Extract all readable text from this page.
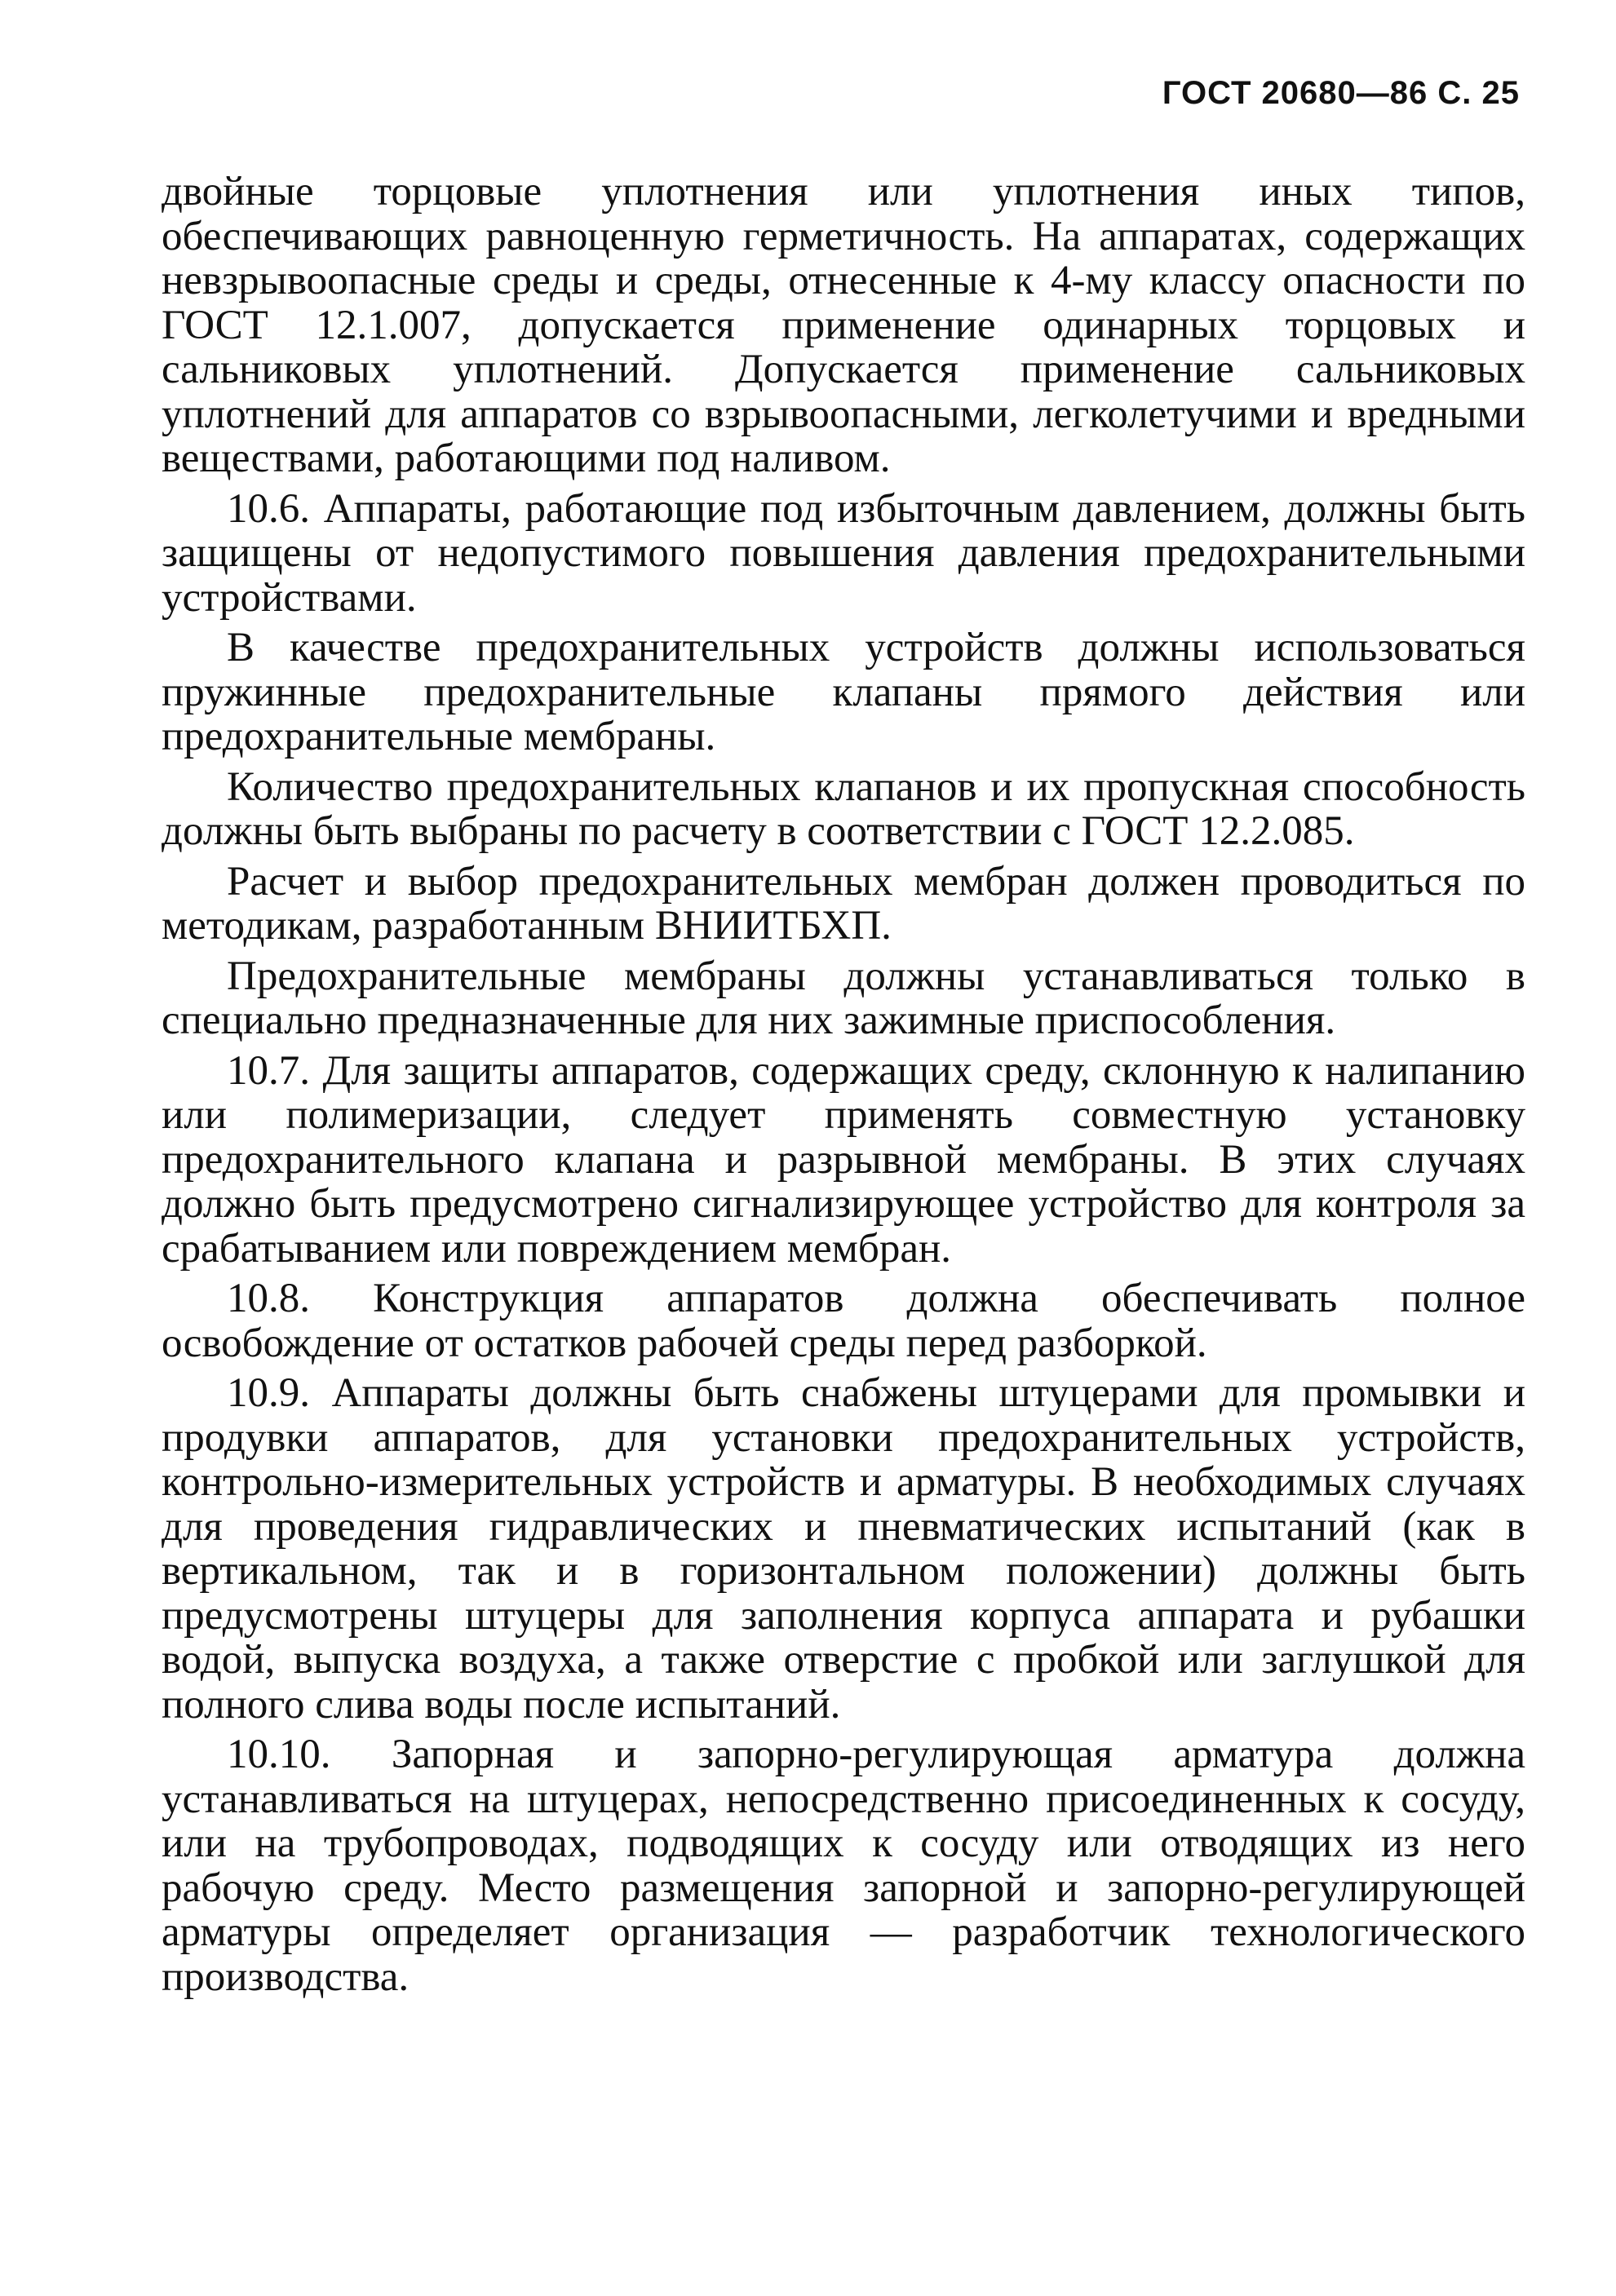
ГОСТ 20680—86 С. 25

двойные торцовые уплотнения или уплотнения иных типов, обеспечивающих равноценную герметичность. На аппаратах, содержащих невзрывоопасные среды и среды, отнесенные к 4-му классу опасности по ГОСТ 12.1.007, допускается применение одинарных торцовых и сальниковых уплотнений. Допускается применение сальниковых уплотнений для аппаратов со взрывоопасными, легколетучими и вредными веществами, работающими под наливом.

10.6. Аппараты, работающие под избыточным давлением, должны быть защищены от недопустимого повышения давления предохранительными устройствами.

В качестве предохранительных устройств должны использоваться пружинные предохранительные клапаны прямого действия или предохранительные мембраны.

Количество предохранительных клапанов и их пропускная способность должны быть выбраны по расчету в соответствии с ГОСТ 12.2.085.

Расчет и выбор предохранительных мембран должен проводиться по методикам, разработанным ВНИИТБХП.

Предохранительные мембраны должны устанавливаться только в специально предназначенные для них зажимные приспособления.

10.7. Для защиты аппаратов, содержащих среду, склонную к налипанию или полимеризации, следует применять совместную установку предохранительного клапана и разрывной мембраны. В этих случаях должно быть предусмотрено сигнализирующее устройство для контроля за срабатыванием или повреждением мембран.

10.8. Конструкция аппаратов должна обеспечивать полное освобождение от остатков рабочей среды перед разборкой.

10.9. Аппараты должны быть снабжены штуцерами для промывки и продувки аппаратов, для установки предохранительных устройств, контрольно-измерительных устройств и арматуры. В необходимых случаях для проведения гидравлических и пневматических испытаний (как в вертикальном, так и в горизонтальном положении) должны быть предусмотрены штуцеры для заполнения корпуса аппарата и рубашки водой, выпуска воздуха, а также отверстие с пробкой или заглушкой для полного слива воды после испытаний.

10.10. Запорная и запорно-регулирующая арматура должна устанавливаться на штуцерах, непосредственно присоединенных к сосуду, или на трубопроводах, подводящих к сосуду или отводящих из него рабочую среду. Место размещения запорной и запорно-регулирующей арматуры определяет организация — разработчик технологического производства.
